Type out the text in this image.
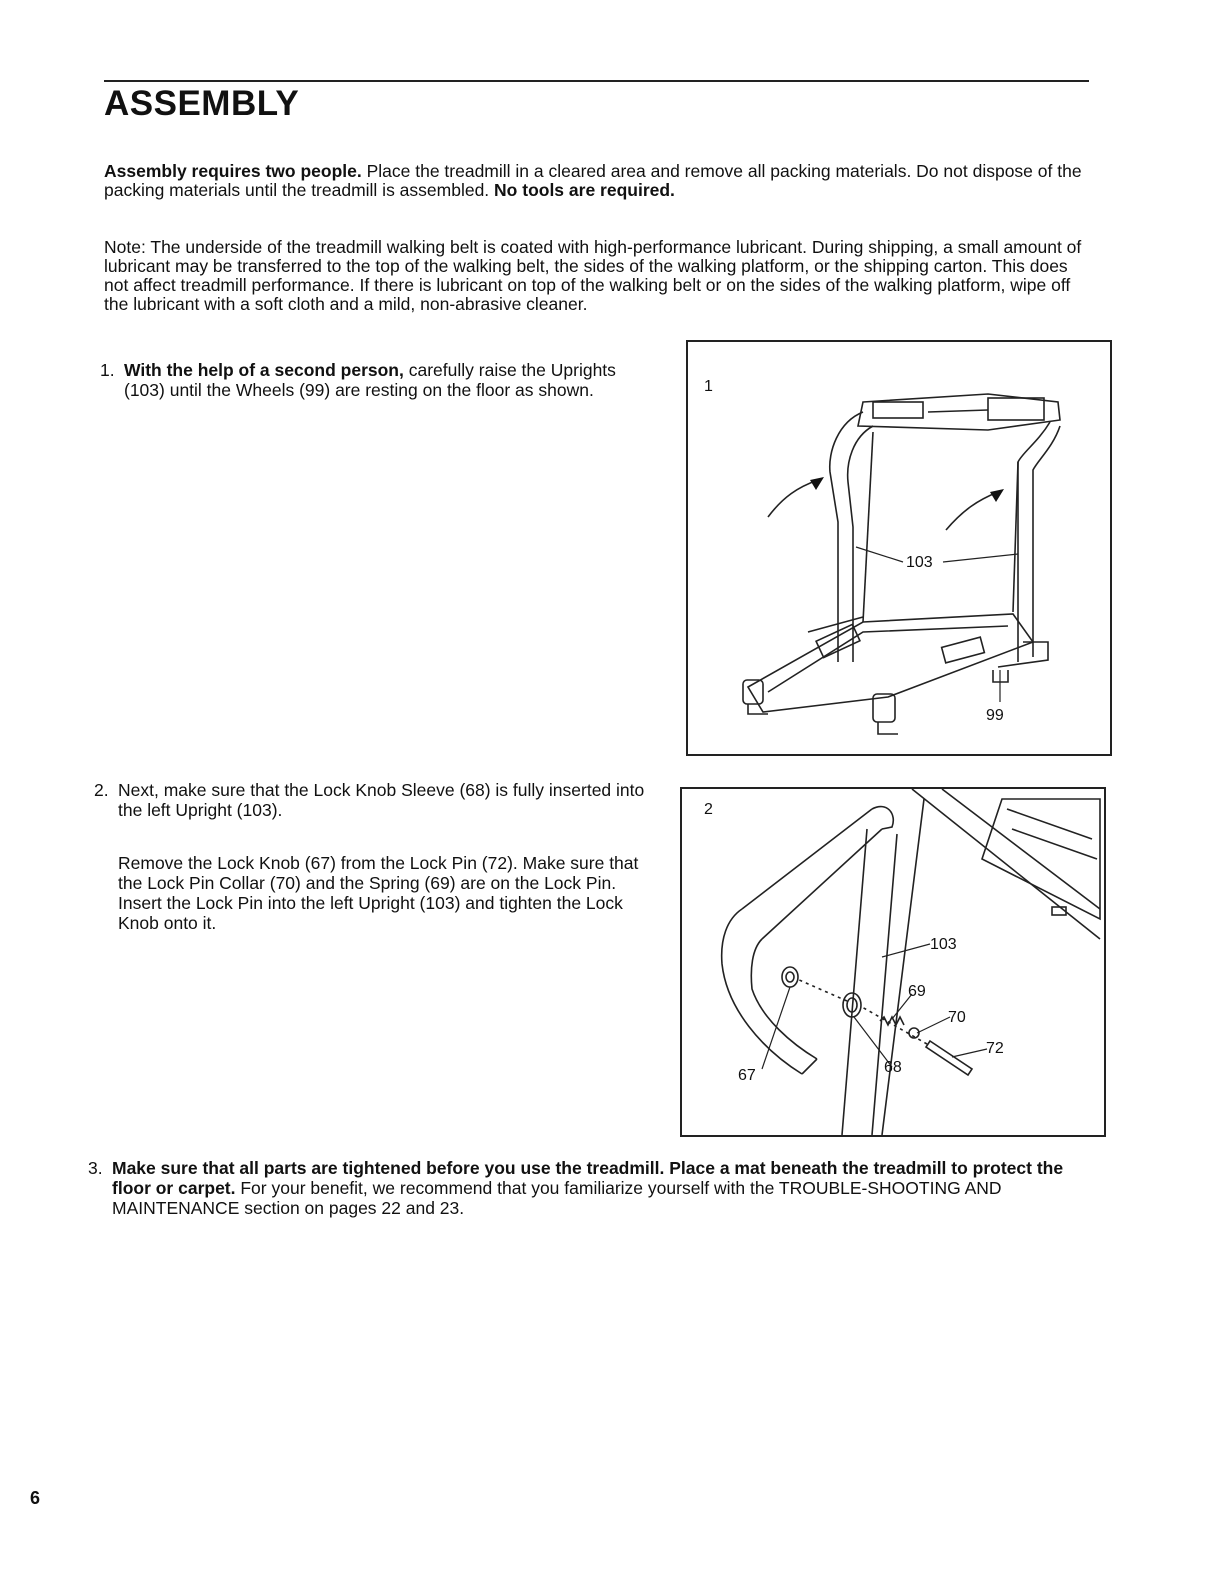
ASSEMBLY

Assembly requires two people. Place the treadmill in a cleared area and remove all packing materials. Do not dispose of the packing materials until the treadmill is assembled. No tools are required.

Note: The underside of the treadmill walking belt is coated with high-performance lubricant. During shipping, a small amount of lubricant may be transferred to the top of the walking belt, the sides of the walking platform, or the shipping carton. This does not affect treadmill performance. If there is lubricant on top of the walking belt or on the sides of the walking platform, wipe off the lubricant with a soft cloth and a mild, non-abrasive cleaner.

1. With the help of a second person, carefully raise the Uprights (103) until the Wheels (99) are resting on the floor as shown.	1
103
99
2. Next, make sure that the Lock Knob Sleeve (68) is fully inserted into the left Upright (103).
Remove the Lock Knob (67) from the Lock Pin (72). Make sure that the Lock Pin Collar (70) and the Spring (69) are on the Lock Pin. Insert the Lock Pin into the left Upright (103) and tighten the Lock Knob onto it.
2
103
69
70
72
67	68
3. Make sure that all parts are tightened before you use the treadmill. Place a mat beneath the treadmill to protect the floor or carpet. For your benefit, we recommend that you familiarize yourself with the TROUBLE-SHOOTING AND MAINTENANCE section on pages 22 and 23.
6
